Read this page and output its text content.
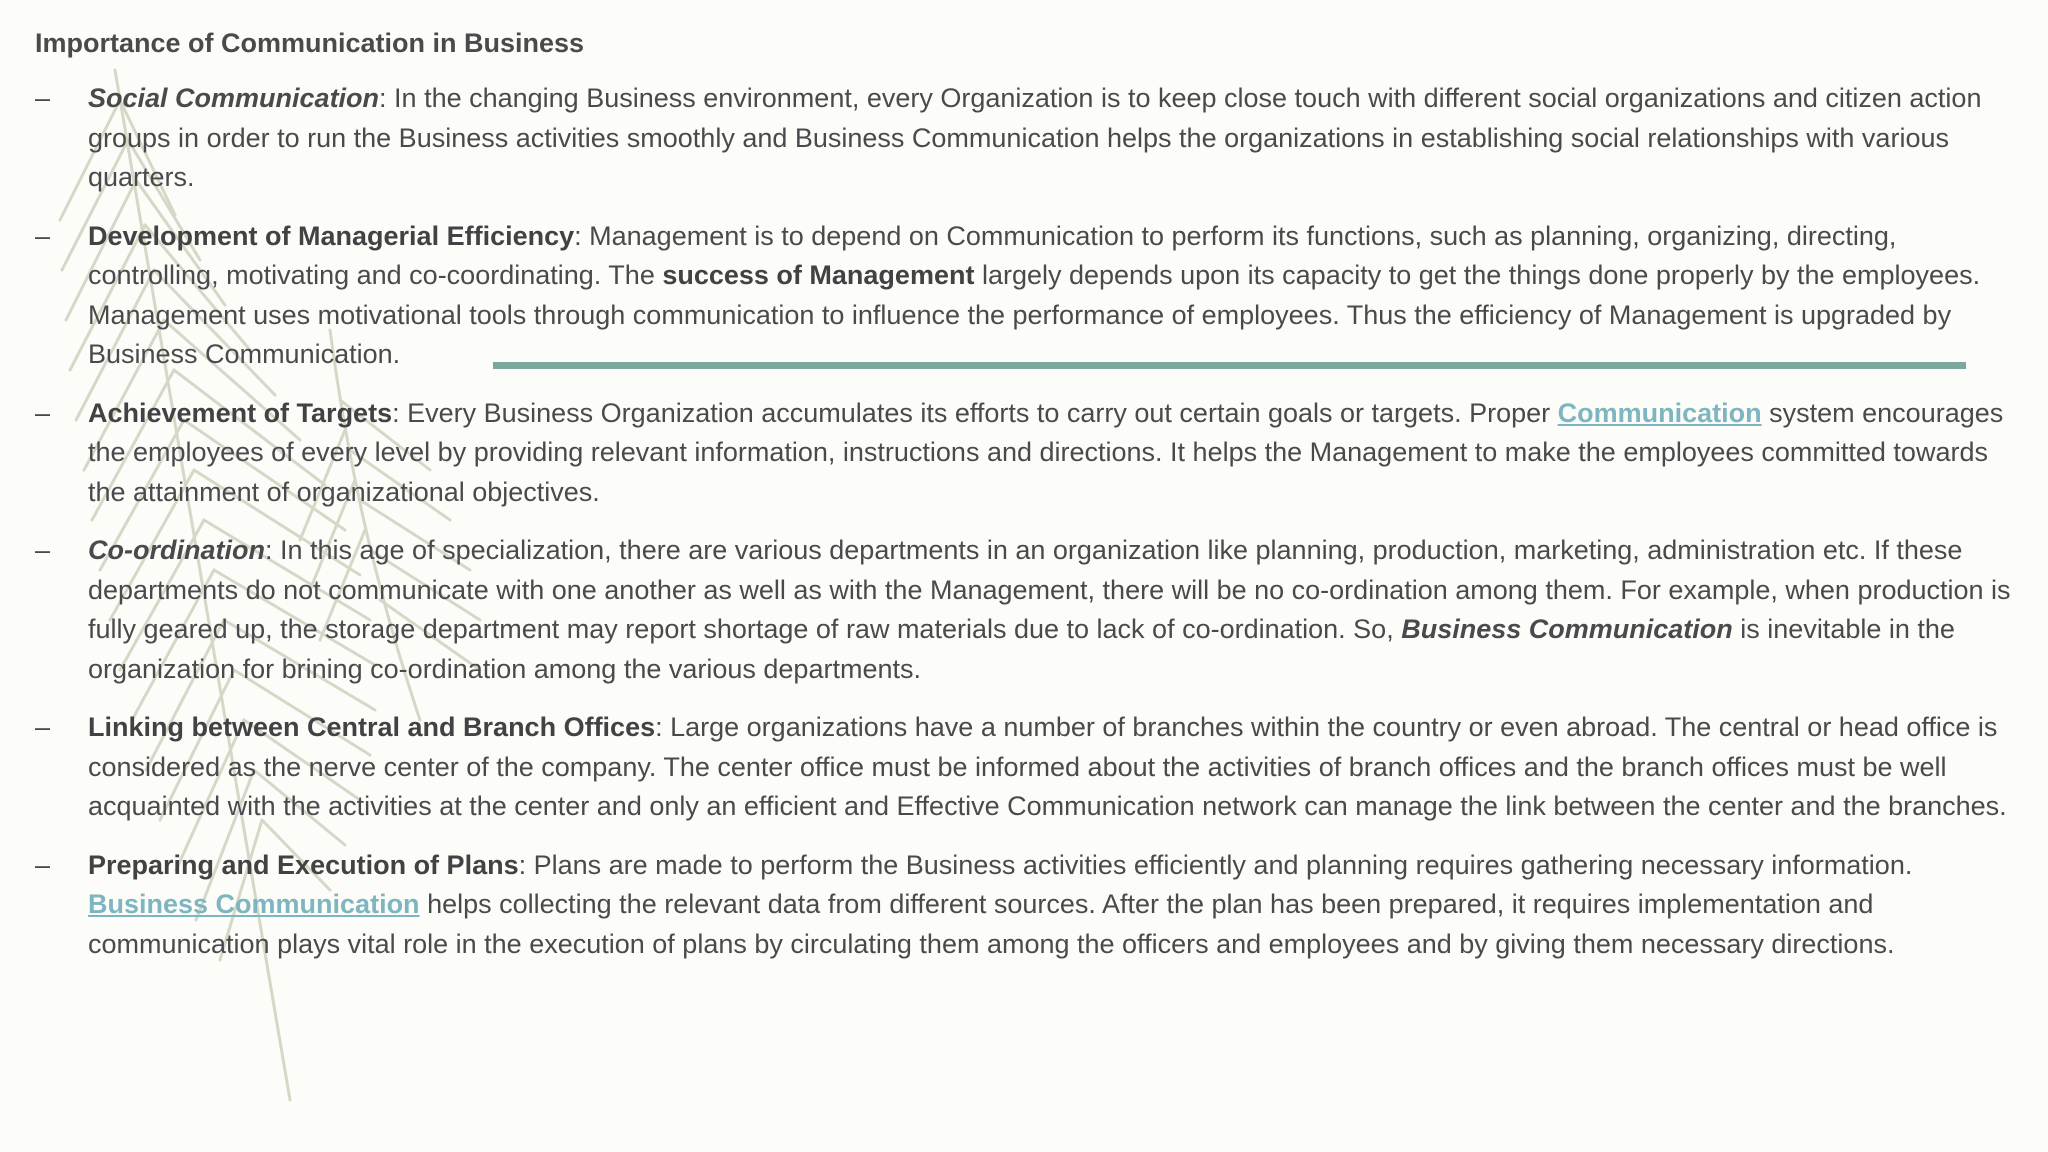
Importance of Communication in Business
– Social Communication: In the changing Business environment, every Organization is to keep close touch with different social organizations and citizen action groups in order to run the Business activities smoothly and Business Communication helps the organizations in establishing social relationships with various quarters.
– Development of Managerial Efficiency: Management is to depend on Communication to perform its functions, such as planning, organizing, directing, controlling, motivating and co-coordinating. The success of Management largely depends upon its capacity to get the things done properly by the employees. Management uses motivational tools through communication to influence the performance of employees. Thus the efficiency of Management is upgraded by Business Communication.
– Achievement of Targets: Every Business Organization accumulates its efforts to carry out certain goals or targets. Proper Communication system encourages the employees of every level by providing relevant information, instructions and directions. It helps the Management to make the employees committed towards the attainment of organizational objectives.
– Co-ordination: In this age of specialization, there are various departments in an organization like planning, production, marketing, administration etc. If these departments do not communicate with one another as well as with the Management, there will be no co-ordination among them. For example, when production is fully geared up, the storage department may report shortage of raw materials due to lack of co-ordination. So, Business Communication is inevitable in the organization for brining co-ordination among the various departments.
– Linking between Central and Branch Offices: Large organizations have a number of branches within the country or even abroad. The central or head office is considered as the nerve center of the company. The center office must be informed about the activities of branch offices and the branch offices must be well acquainted with the activities at the center and only an efficient and Effective Communication network can manage the link between the center and the branches.
– Preparing and Execution of Plans: Plans are made to perform the Business activities efficiently and planning requires gathering necessary information. Business Communication helps collecting the relevant data from different sources. After the plan has been prepared, it requires implementation and communication plays vital role in the execution of plans by circulating them among the officers and employees and by giving them necessary directions.
